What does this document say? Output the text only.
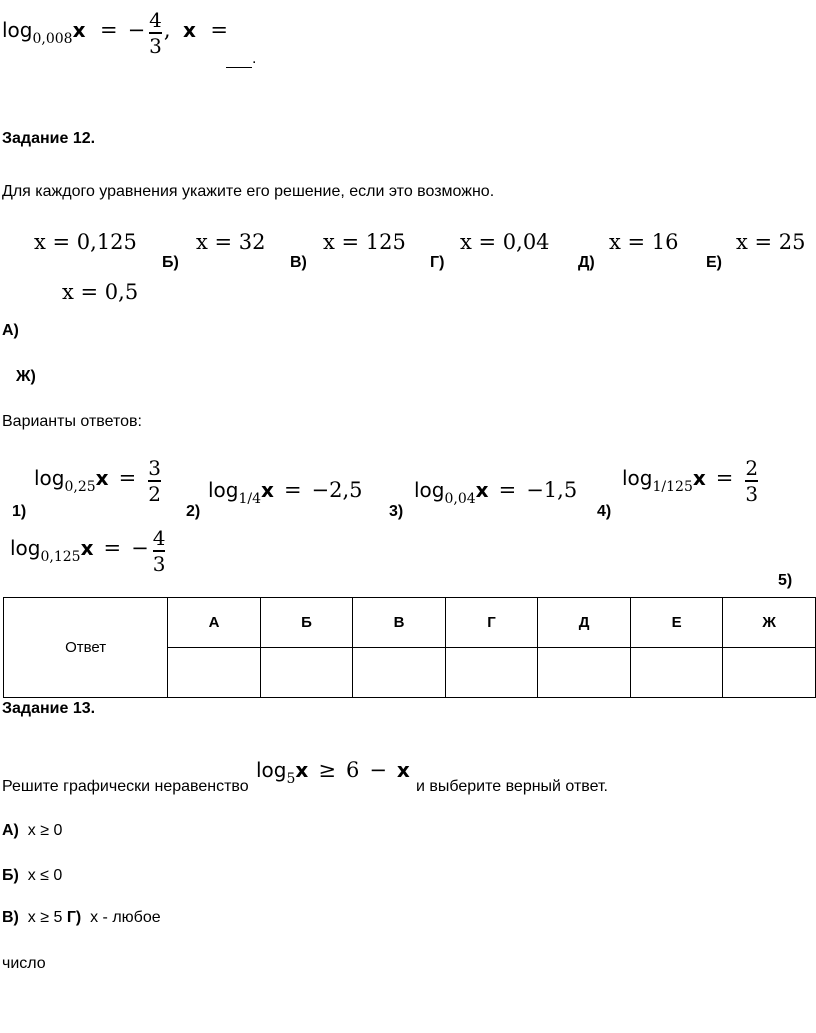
log0,008x = − $\frac{4}{3}$ , x =
.
Задание 12.
Для каждого уравнения укажите его решение, если это возможно.
x = 0,125	x = 32	x = 125	x = 0,04	x = 16	x = 25
x = 0,5
Б)	В)	Г)	Д)	Е)
А)
Ж)
Варианты ответов:
$\log 0,25x = \frac{3}{2}$
1)
log1/4x = −2,5
2)
log0,04x = −1,5
3)
$\log 1/125x = \frac{2}{3}$
4)
log0,125x = − $\frac{4}{3}$
5)
Ответ	А	Б	В	Г	Д	Е	Ж

Задание 13.
log5x ≥ 6 − x
Решите графически неравенство	и выберите верный ответ.
А) x ≥ 0
Б) x ≤ 0
В) x ≥ 5 Г) x - любое
число
